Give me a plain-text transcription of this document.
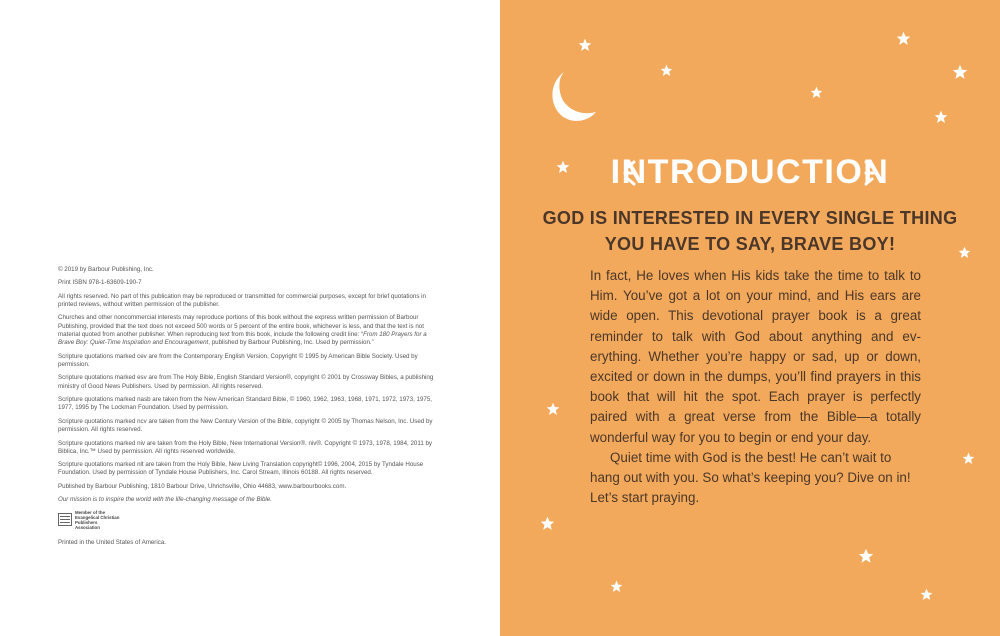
© 2019 by Barbour Publishing, Inc.

Print ISBN 978-1-63609-190-7

All rights reserved. No part of this publication may be reproduced or transmitted for commercial purposes, except for brief quotations in printed reviews, without written permission of the publisher.

Churches and other noncommercial interests may reproduce portions of this book without the express written permission of Barbour Publishing, provided that the text does not exceed 500 words or 5 percent of the entire book, whichever is less, and that the text is not material quoted from another publisher. When reproducing text from this book, include the following credit line: “From 180 Prayers for a Brave Boy: Quiet-Time Inspiration and Encouragement, published by Barbour Publishing, Inc. Used by permission.”

Scripture quotations marked cev are from the Contemporary English Version, Copyright © 1995 by American Bible Society. Used by permission.

Scripture quotations marked esv are from The Holy Bible, English Standard Version®, copyright © 2001 by Crossway Bibles, a publishing ministry of Good News Publishers. Used by permission. All rights reserved.

Scripture quotations marked nasb are taken from the New American Standard Bible, © 1960, 1962, 1963, 1968, 1971, 1972, 1973, 1975, 1977, 1995 by The Lockman Foundation. Used by permission.

Scripture quotations marked ncv are taken from the New Century Version of the Bible, copyright © 2005 by Thomas Nelson, Inc. Used by permission. All rights reserved.

Scripture quotations marked niv are taken from the Holy Bible, New International Version®. niv®. Copyright © 1973, 1978, 1984, 2011 by Biblica, Inc.™ Used by permission. All rights reserved worldwide.

Scripture quotations marked nlt are taken from the Holy Bible, New Living Translation copyright© 1996, 2004, 2015 by Tyndale House Foundation. Used by permission of Tyndale House Publishers, Inc. Carol Stream, Illinois 60188. All rights reserved.

Published by Barbour Publishing, 1810 Barbour Drive, Uhrichsville, Ohio 44683, www.barbourbooks.com.

Our mission is to inspire the world with the life-changing message of the Bible.

Member of the Evangelical Christian Publishers Association

Printed in the United States of America.

INTRODUCTION
GOD IS INTERESTED IN EVERY SINGLE THING YOU HAVE TO SAY, BRAVE BOY!

In fact, He loves when His kids take the time to talk to Him. You’ve got a lot on your mind, and His ears are wide open. This devotional prayer book is a great reminder to talk with God about anything and everything. Whether you’re happy or sad, up or down, excited or down in the dumps, you’ll find prayers in this book that will hit the spot. Each prayer is perfectly paired with a great verse from the Bible—a totally wonderful way for you to begin or end your day.

Quiet time with God is the best! He can’t wait to hang out with you. So what’s keeping you? Dive on in! Let’s start praying.
